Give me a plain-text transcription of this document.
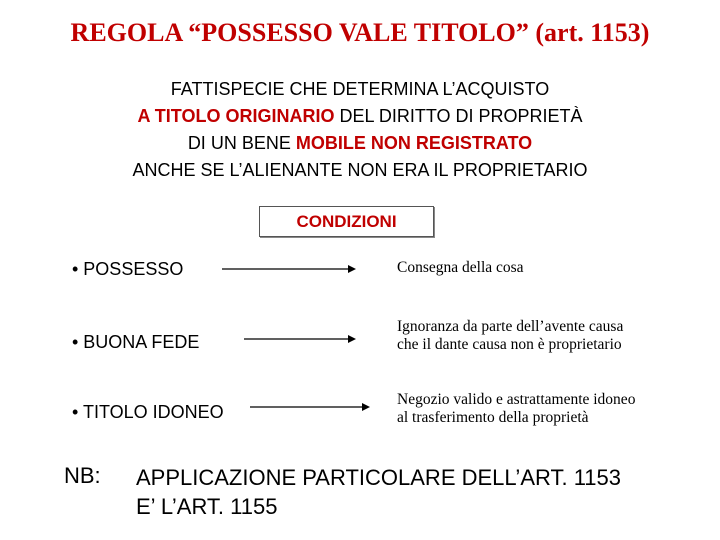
REGOLA “POSSESSO VALE TITOLO” (art. 1153)
FATTISPECIE CHE DETERMINA L’ACQUISTO
A TITOLO ORIGINARIO DEL DIRITTO DI PROPRIETÀ
DI UN BENE MOBILE NON REGISTRATO
ANCHE SE L’ALIENANTE NON ERA IL PROPRIETARIO
CONDIZIONI
• POSSESSO	Consegna della cosa
• BUONA FEDE
Ignoranza da parte dell’avente causa
che il dante causa non è proprietario
• TITOLO IDONEO
Negozio valido e astrattamente idoneo
al trasferimento della proprietà
NB: APPLICAZIONE PARTICOLARE DELL’ART. 1153
E’ L’ART. 1155
